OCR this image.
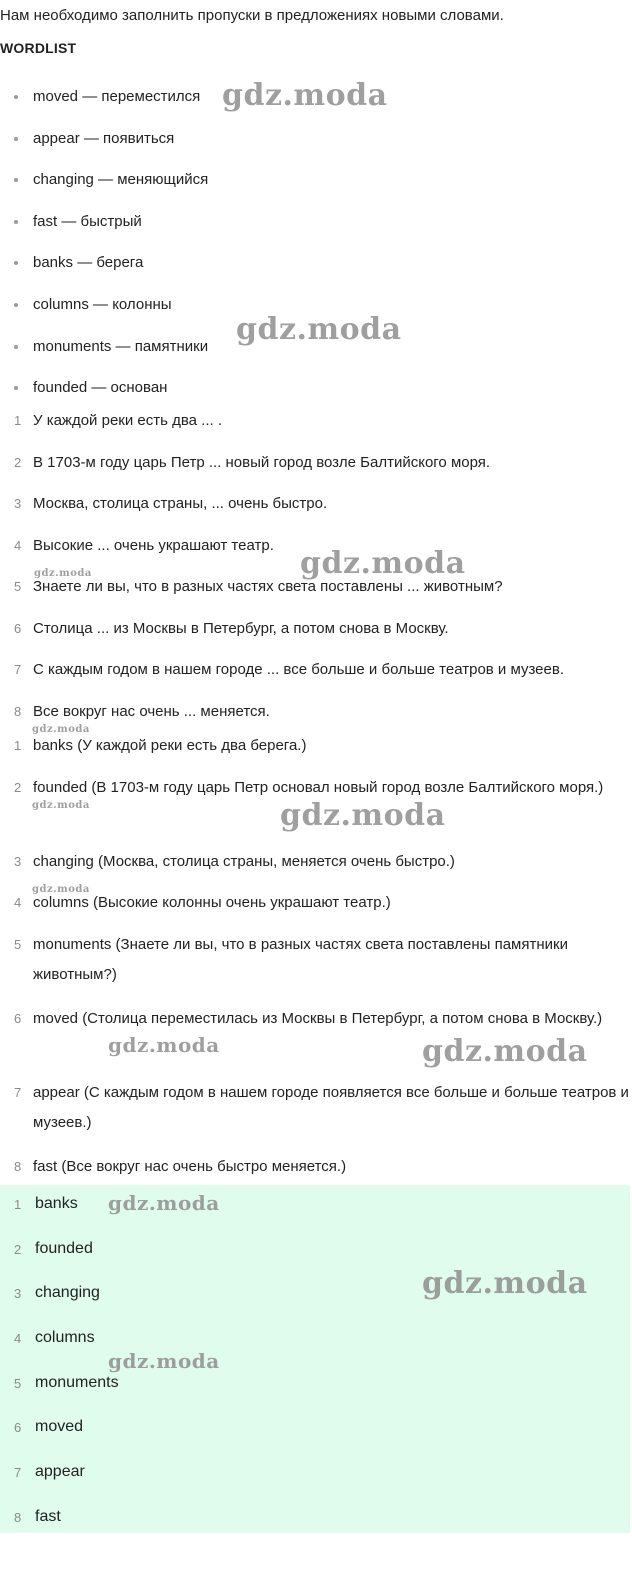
Нам необходимо заполнить пропуски в предложениях новыми словами.
WORDLIST
moved — переместился
appear — появиться
changing — меняющийся
fast — быстрый
banks — берега
columns — колонны
monuments — памятники
founded — основан
1 У каждой реки есть два ... .
2 В 1703-м году царь Петр ... новый город возле Балтийского моря.
3 Москва, столица страны, ... очень быстро.
4 Высокие ... очень украшают театр.
5 Знаете ли вы, что в разных частях света поставлены ... животным?
6 Столица ... из Москвы в Петербург, а потом снова в Москву.
7 С каждым годом в нашем городе ... все больше и больше театров и музеев.
8 Все вокруг нас очень ... меняется.
1 banks (У каждой реки есть два берега.)
2 founded (В 1703-м году царь Петр основал новый город возле Балтийского моря.)
3 changing (Москва, столица страны, меняется очень быстро.)
4 columns (Высокие колонны очень украшают театр.)
5 monuments (Знаете ли вы, что в разных частях света поставлены памятники животным?)
6 moved (Столица переместилась из Москвы в Петербург, а потом снова в Москву.)
7 appear (С каждым годом в нашем городе появляется все больше и больше театров и музеев.)
8 fast (Все вокруг нас очень быстро меняется.)
1 banks
2 founded
3 changing
4 columns
5 monuments
6 moved
7 appear
8 fast
gdz.moda
gdz.moda
gdz.moda
gdz.moda
gdz.moda
gdz.moda	gdz.moda
gdz.moda
gdz.moda	gdz.moda
gdz.moda
gdz.moda
gdz.moda
